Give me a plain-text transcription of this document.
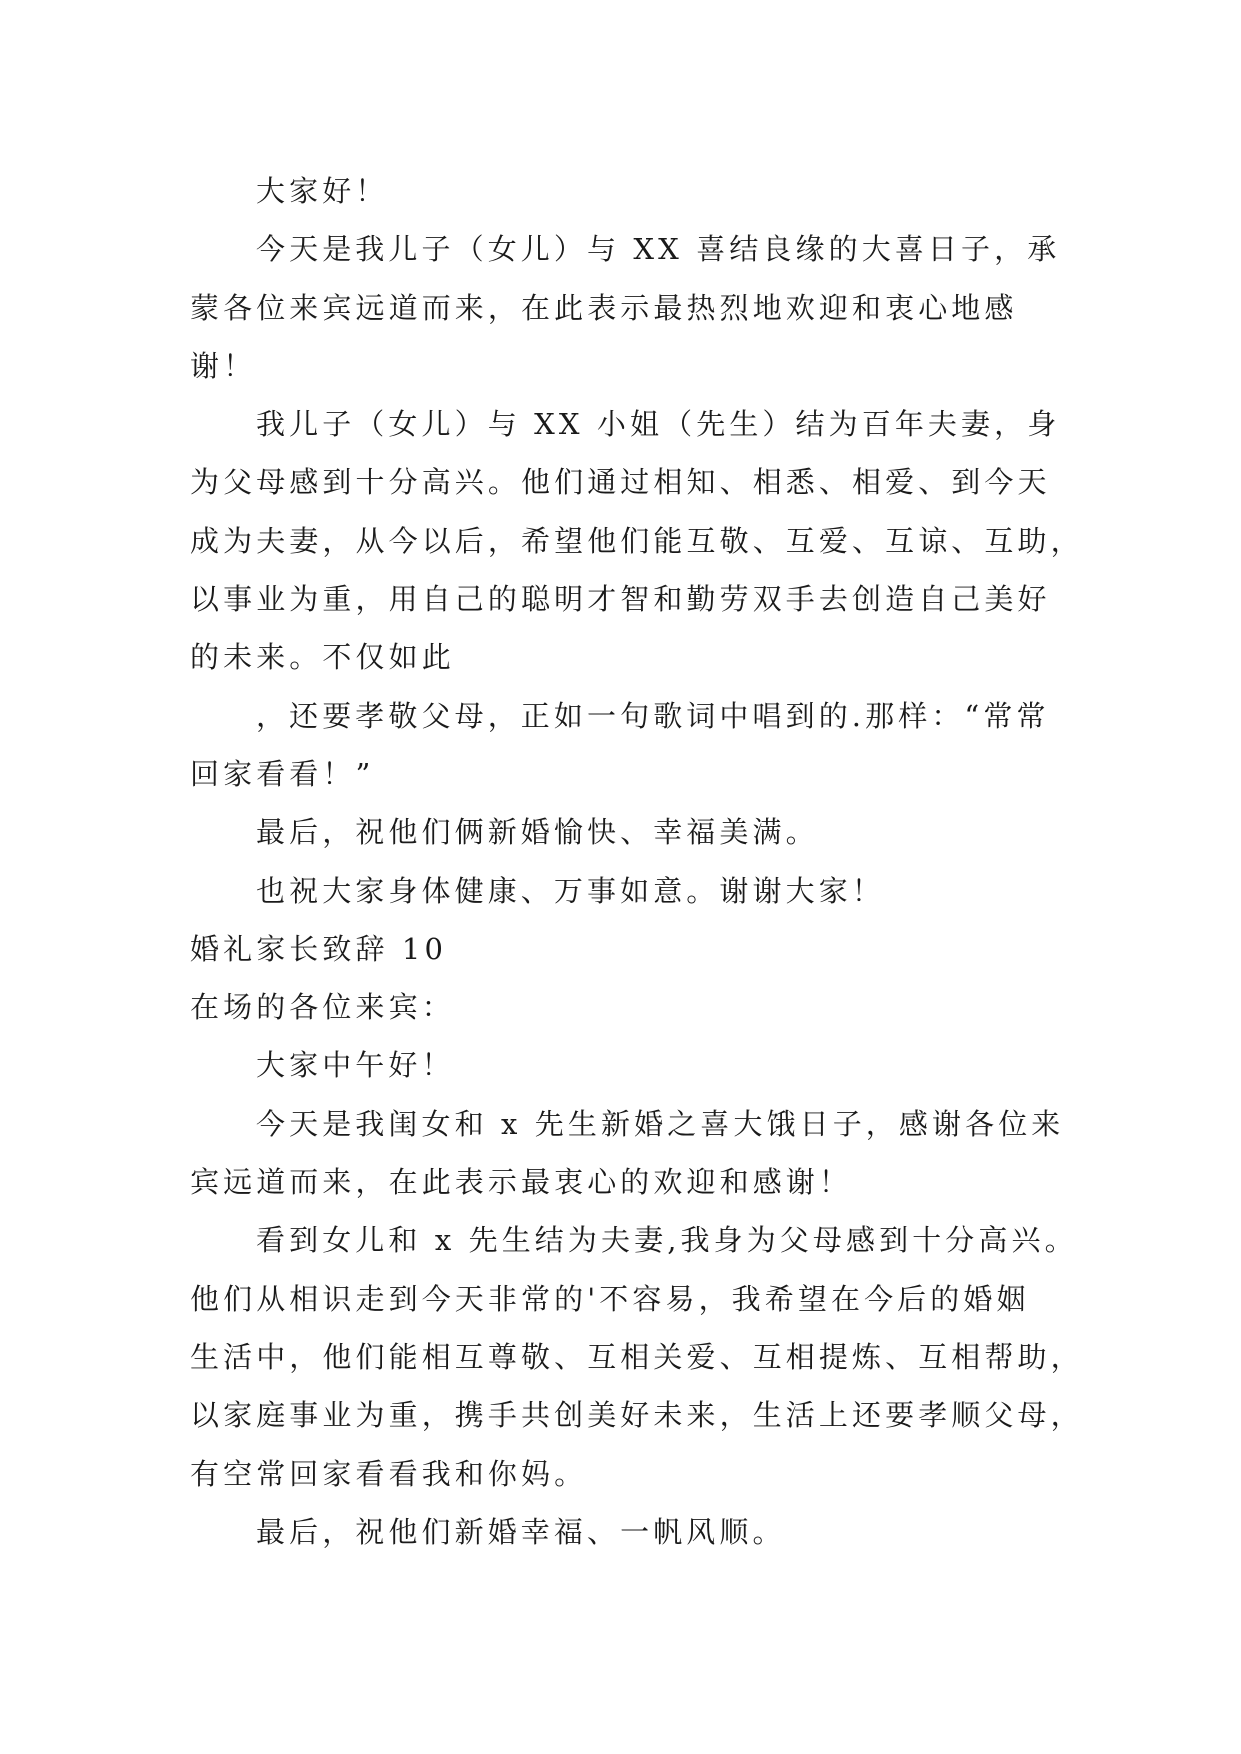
大家好！
今天是我儿子（女儿）与 XX 喜结良缘的大喜日子，承
蒙各位来宾远道而来，在此表示最热烈地欢迎和衷心地感
谢！
我儿子（女儿）与 XX 小姐（先生）结为百年夫妻，身
为父母感到十分高兴。他们通过相知、相悉、相爱、到今天
成为夫妻，从今以后，希望他们能互敬、互爱、互谅、互助，
以事业为重，用自己的聪明才智和勤劳双手去创造自己美好
的未来。不仅如此
，还要孝敬父母，正如一句歌词中唱到的.那样：“常常
回家看看！”
最后，祝他们俩新婚愉快、幸福美满。
也祝大家身体健康、万事如意。谢谢大家！
婚礼家长致辞 10
在场的各位来宾：
大家中午好！
今天是我闺女和 x 先生新婚之喜大饿日子，感谢各位来
宾远道而来，在此表示最衷心的欢迎和感谢！
看到女儿和 x 先生结为夫妻,我身为父母感到十分高兴。
他们从相识走到今天非常的'不容易，我希望在今后的婚姻
生活中，他们能相互尊敬、互相关爱、互相提炼、互相帮助，
以家庭事业为重，携手共创美好未来，生活上还要孝顺父母，
有空常回家看看我和你妈。
最后，祝他们新婚幸福、一帆风顺。
